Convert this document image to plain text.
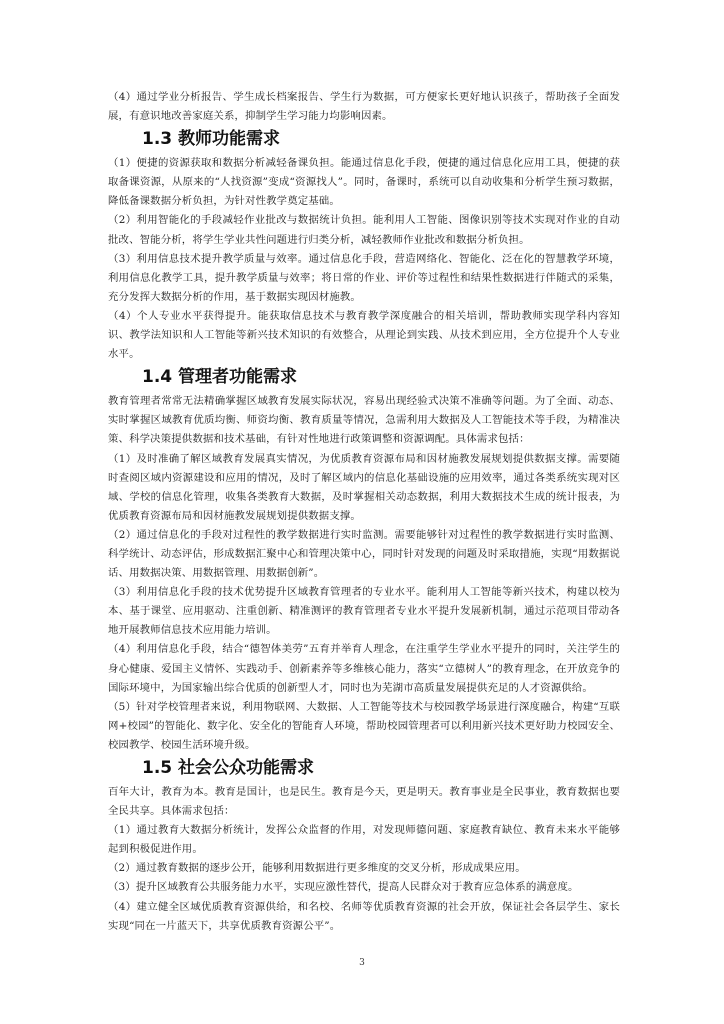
（4）通过学业分析报告、学生成长档案报告、学生行为数据，可方便家长更好地认识孩子，帮助孩子全面发展，有意识地改善家庭关系，抑制学生学习能力均影响因素。

1.3 教师功能需求

（1）便捷的资源获取和数据分析减轻备课负担。能通过信息化手段，便捷的通过信息化应用工具，便捷的获取备课资源，从原来的“人找资源”变成“资源找人”。同时，备课时，系统可以自动收集和分析学生预习数据，降低备课数据分析负担，为针对性教学奠定基础。

（2）利用智能化的手段减轻作业批改与数据统计负担。能利用人工智能、图像识别等技术实现对作业的自动批改、智能分析，将学生学业共性问题进行归类分析，减轻教师作业批改和数据分析负担。

（3）利用信息技术提升教学质量与效率。通过信息化手段，营造网络化、智能化、泛在化的智慧教学环境，利用信息化教学工具，提升教学质量与效率；将日常的作业、评价等过程性和结果性数据进行伴随式的采集，充分发挥大数据分析的作用，基于数据实现因材施教。

（4）个人专业水平获得提升。能获取信息技术与教育教学深度融合的相关培训，帮助教师实现学科内容知识、教学法知识和人工智能等新兴技术知识的有效整合，从理论到实践、从技术到应用，全方位提升个人专业水平。

1.4 管理者功能需求

教育管理者常常无法精确掌握区域教育发展实际状况，容易出现经验式决策不准确等问题。为了全面、动态、实时掌握区域教育优质均衡、师资均衡、教育质量等情况，急需利用大数据及人工智能技术等手段，为精准决策、科学决策提供数据和技术基础，有针对性地进行政策调整和资源调配。具体需求包括：

（1）及时准确了解区域教育发展真实情况，为优质教育资源布局和因材施教发展规划提供数据支撑。需要随时查阅区域内资源建设和应用的情况，及时了解区域内的信息化基础设施的应用效率，通过各类系统实现对区域、学校的信息化管理，收集各类教育大数据，及时掌握相关动态数据，利用大数据技术生成的统计报表，为优质教育资源布局和因材施教发展规划提供数据支撑。

（2）通过信息化的手段对过程性的教学数据进行实时监测。需要能够针对过程性的教学数据进行实时监测、科学统计、动态评估，形成数据汇聚中心和管理决策中心，同时针对发现的问题及时采取措施，实现“用数据说话、用数据决策、用数据管理、用数据创新”。

（3）利用信息化手段的技术优势提升区域教育管理者的专业水平。能利用人工智能等新兴技术，构建以校为本、基于课堂、应用驱动、注重创新、精准测评的教育管理者专业水平提升发展新机制，通过示范项目带动各地开展教师信息技术应用能力培训。

（4）利用信息化手段，结合“德智体美劳”五育并举育人理念，在注重学生学业水平提升的同时，关注学生的身心健康、爱国主义情怀、实践动手、创新素养等多维核心能力，落实“立德树人”的教育理念，在开放竞争的国际环境中，为国家输出综合优质的创新型人才，同时也为芜湖市高质量发展提供充足的人才资源供给。

（5）针对学校管理者来说，利用物联网、大数据、人工智能等技术与校园教学场景进行深度融合，构建“互联网+校园”的智能化、数字化、安全化的智能育人环境，帮助校园管理者可以利用新兴技术更好助力校园安全、校园教学、校园生活环境升级。

1.5 社会公众功能需求

百年大计，教育为本。教育是国计，也是民生。教育是今天，更是明天。教育事业是全民事业，教育数据也要全民共享。具体需求包括：

（1）通过教育大数据分析统计，发挥公众监督的作用，对发现师德问题、家庭教育缺位、教育未来水平能够起到积极促进作用。

（2）通过教育数据的逐步公开，能够利用数据进行更多维度的交叉分析，形成成果应用。

（3）提升区域教育公共服务能力水平，实现应激性替代，提高人民群众对于教育应急体系的满意度。

（4）建立健全区域优质教育资源供给，和名校、名师等优质教育资源的社会开放，保证社会各层学生、家长实现“同在一片蓝天下，共享优质教育资源公平”。

3
